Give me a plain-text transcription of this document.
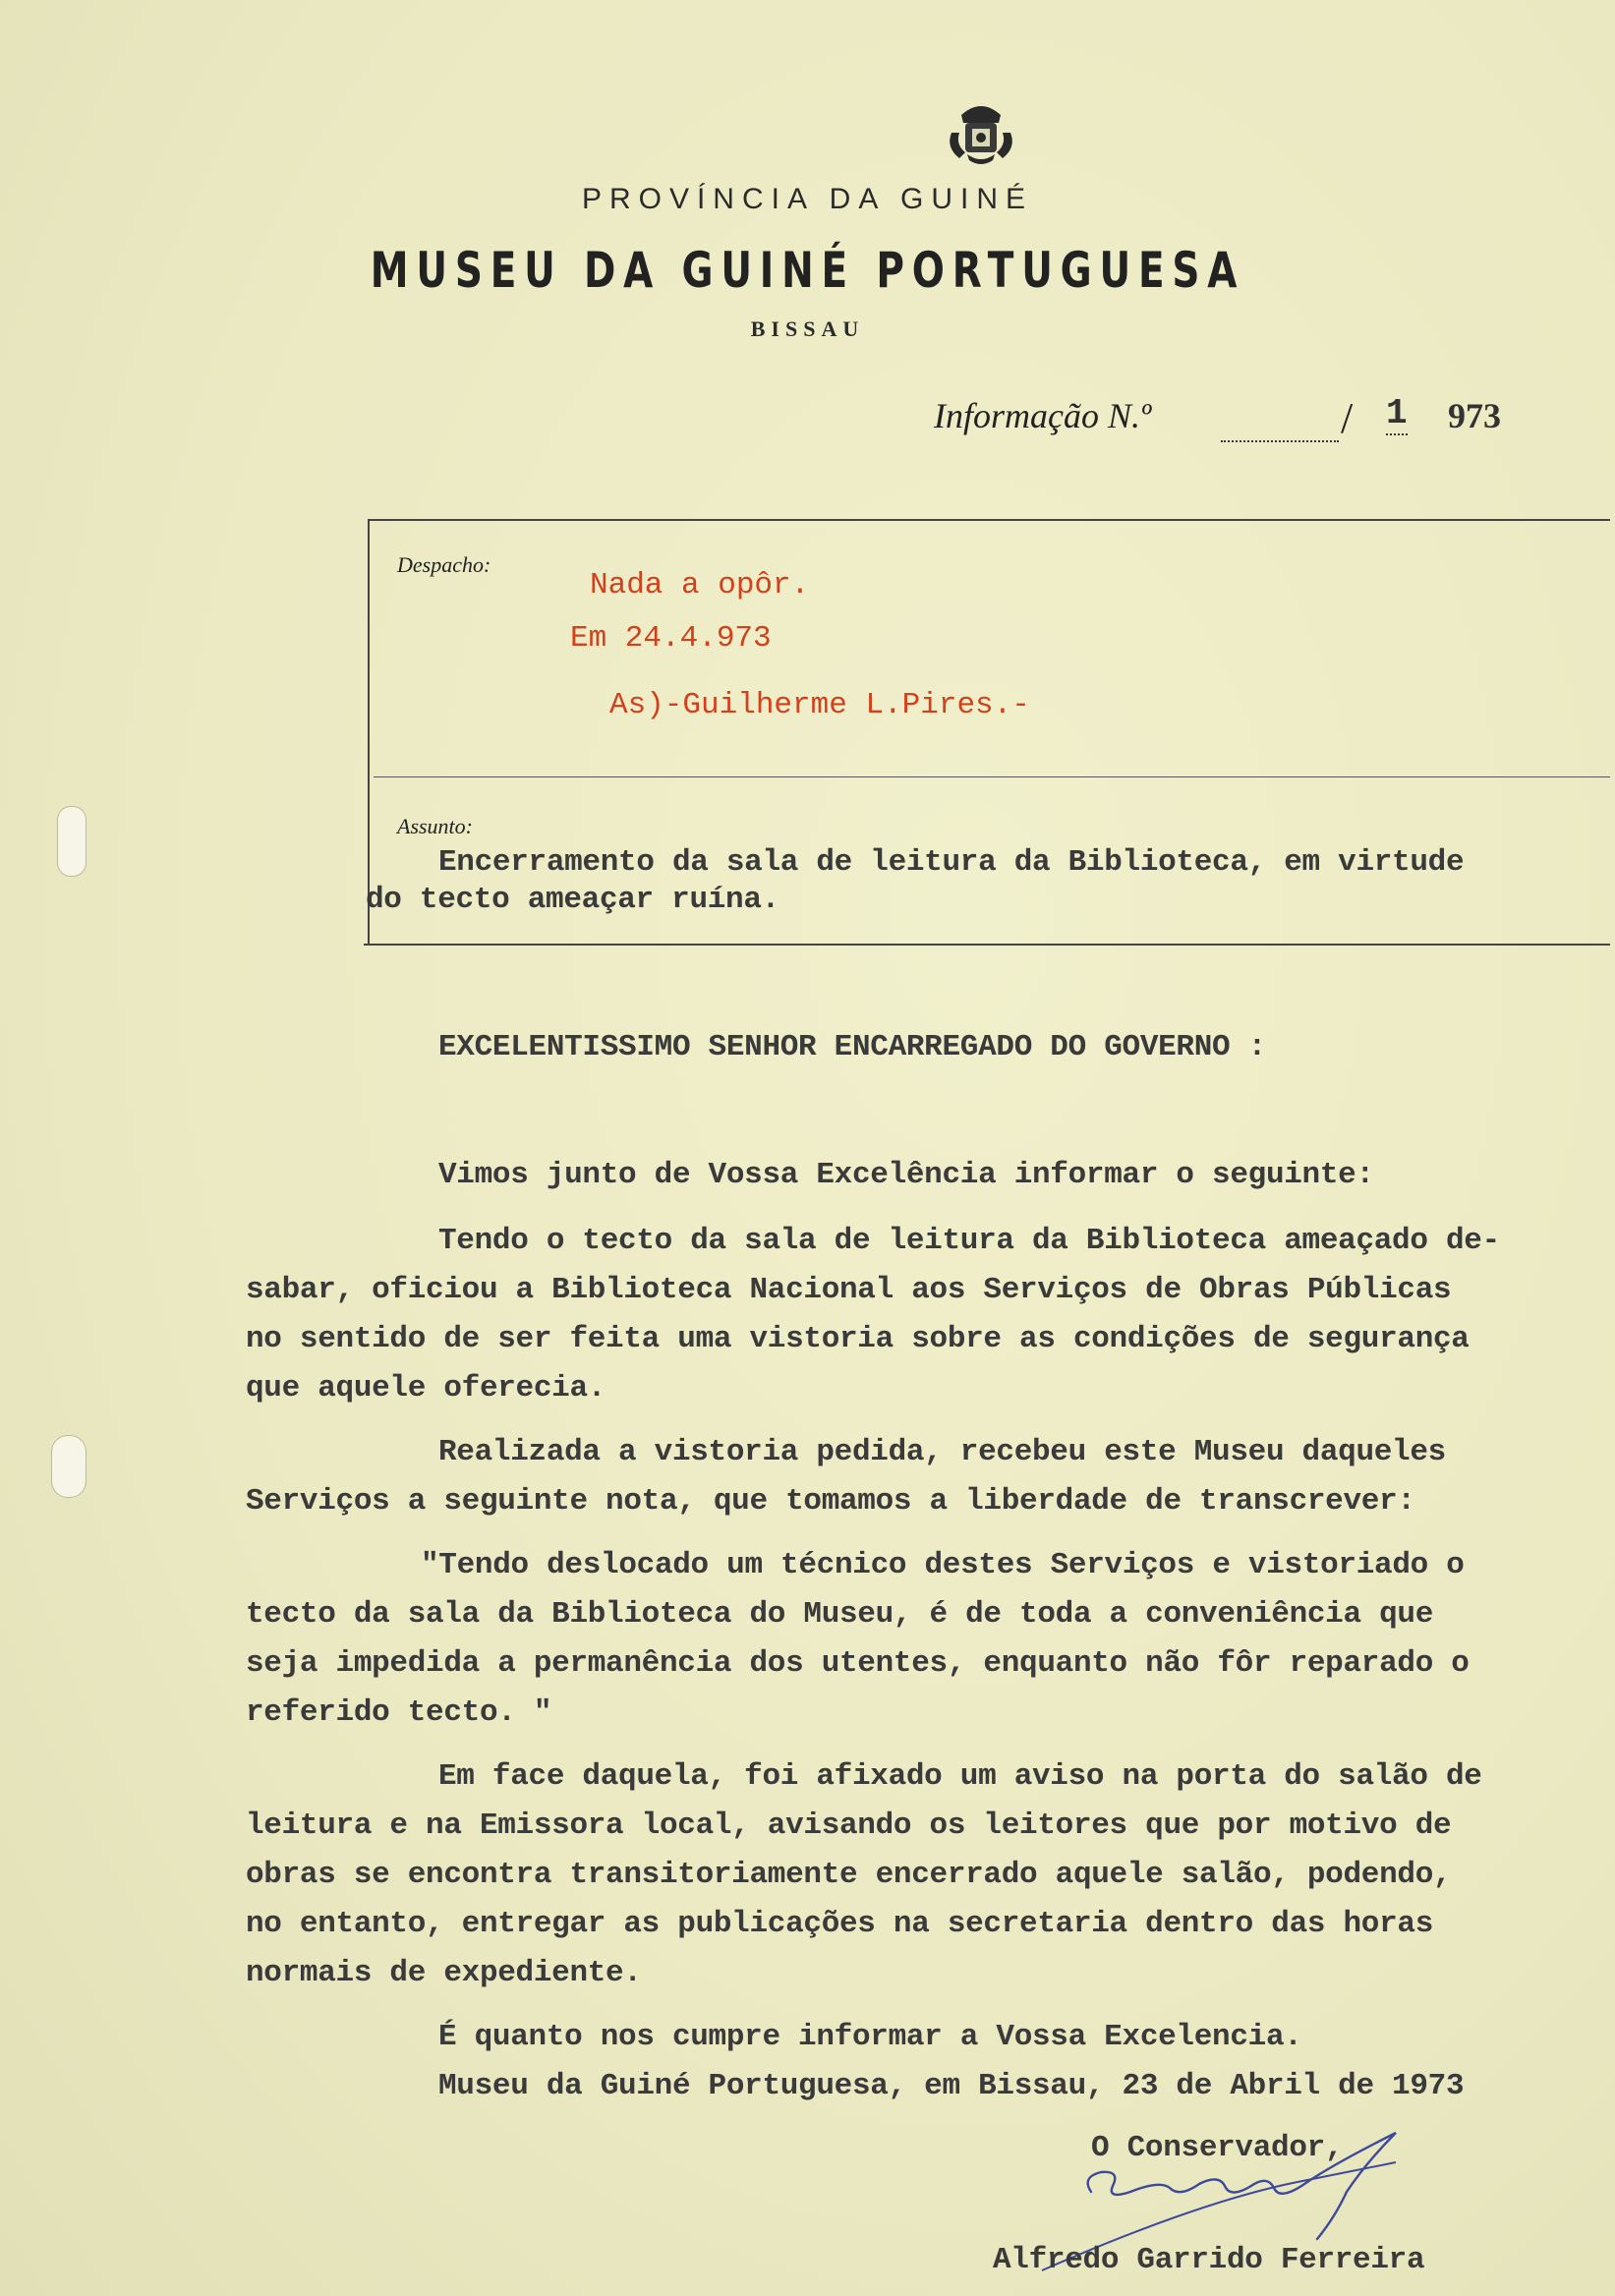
PROVÍNCIA DA GUINÉ
MUSEU DA GUINÉ PORTUGUESA
BISSAU
Informação N.º	/ 1 973
Despacho:
Nada a opôr.
Em 24.4.973
As)-Guilherme L.Pires.-
Assunto:
Encerramento da sala de leitura da Biblioteca, em virtude
do tecto ameaçar ruína.
EXCELENTISSIMO SENHOR ENCARREGADO DO GOVERNO :
Vimos junto de Vossa Excelência informar o seguinte:
Tendo o tecto da sala de leitura da Biblioteca ameaçado de-
sabar, oficiou a Biblioteca Nacional aos Serviços de Obras Públicas
no sentido de ser feita uma vistoria sobre as condições de segurança
que aquele oferecia.
Realizada a vistoria pedida, recebeu este Museu daqueles
Serviços a seguinte nota, que tomamos a liberdade de transcrever:
"Tendo deslocado um técnico destes Serviços e vistoriado o
tecto da sala da Biblioteca do Museu, é de toda a conveniência que
seja impedida a permanência dos utentes, enquanto não fôr reparado o
referido tecto. "
Em face daquela, foi afixado um aviso na porta do salão de
leitura e na Emissora local, avisando os leitores que por motivo de
obras se encontra transitoriamente encerrado aquele salão, podendo,
no entanto, entregar as publicações na secretaria dentro das horas
normais de expediente.
É quanto nos cumpre informar a Vossa Excelencia.
Museu da Guiné Portuguesa, em Bissau, 23 de Abril de 1973
O Conservador,
Alfredo Garrido Ferreira
